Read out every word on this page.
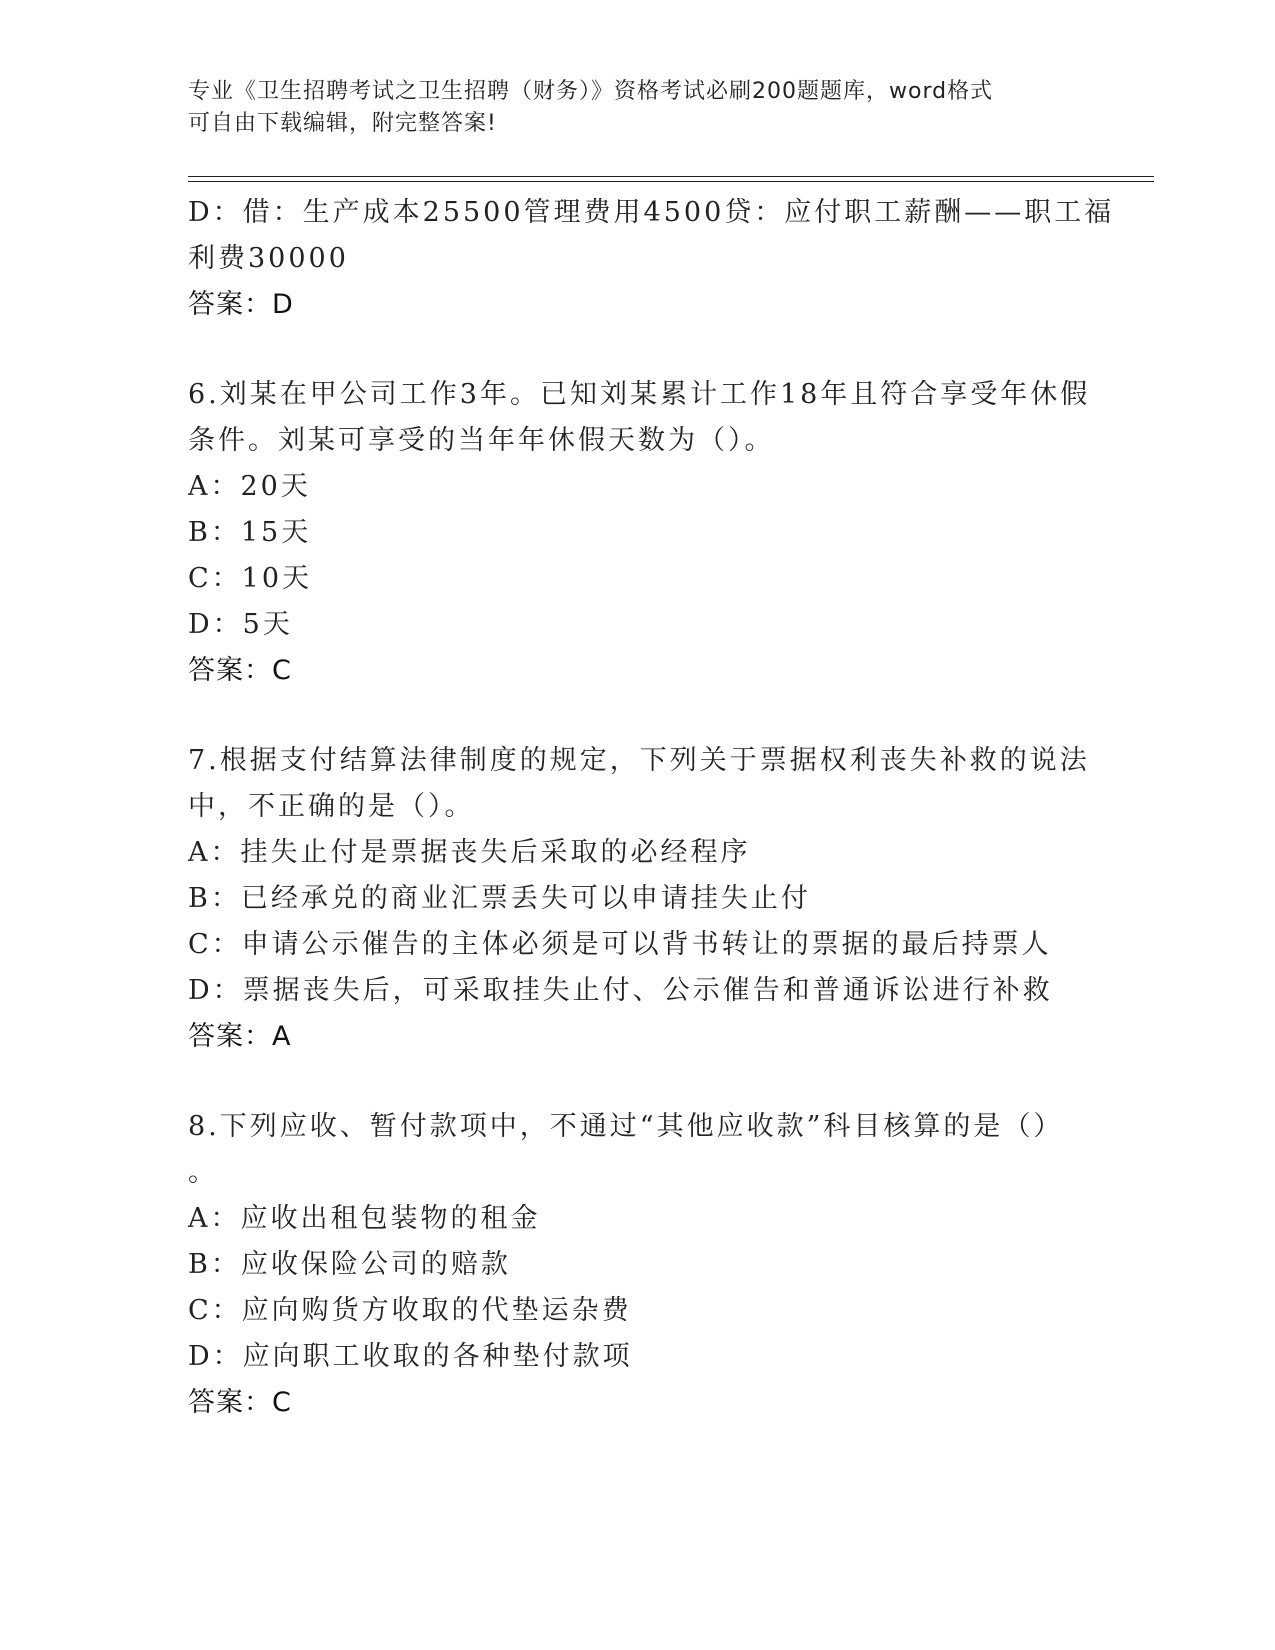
专业《卫生招聘考试之卫生招聘（财务）》资格考试必刷200题题库，word格式
可自由下载编辑，附完整答案!
D：借：生产成本25500管理费用4500贷：应付职工薪酬——职工福
利费30000
答案：D
6.刘某在甲公司工作3年。已知刘某累计工作18年且符合享受年休假
条件。刘某可享受的当年年休假天数为（）。
A：20天
B：15天
C：10天
D：5天
答案：C
7.根据支付结算法律制度的规定，下列关于票据权利丧失补救的说法
中，不正确的是（）。
A：挂失止付是票据丧失后采取的必经程序
B：已经承兑的商业汇票丢失可以申请挂失止付
C：申请公示催告的主体必须是可以背书转让的票据的最后持票人
D：票据丧失后，可采取挂失止付、公示催告和普通诉讼进行补救
答案：A
8.下列应收、暂付款项中，不通过“其他应收款”科目核算的是（）
。
A：应收出租包装物的租金
B：应收保险公司的赔款
C：应向购货方收取的代垫运杂费
D：应向职工收取的各种垫付款项
答案：C
